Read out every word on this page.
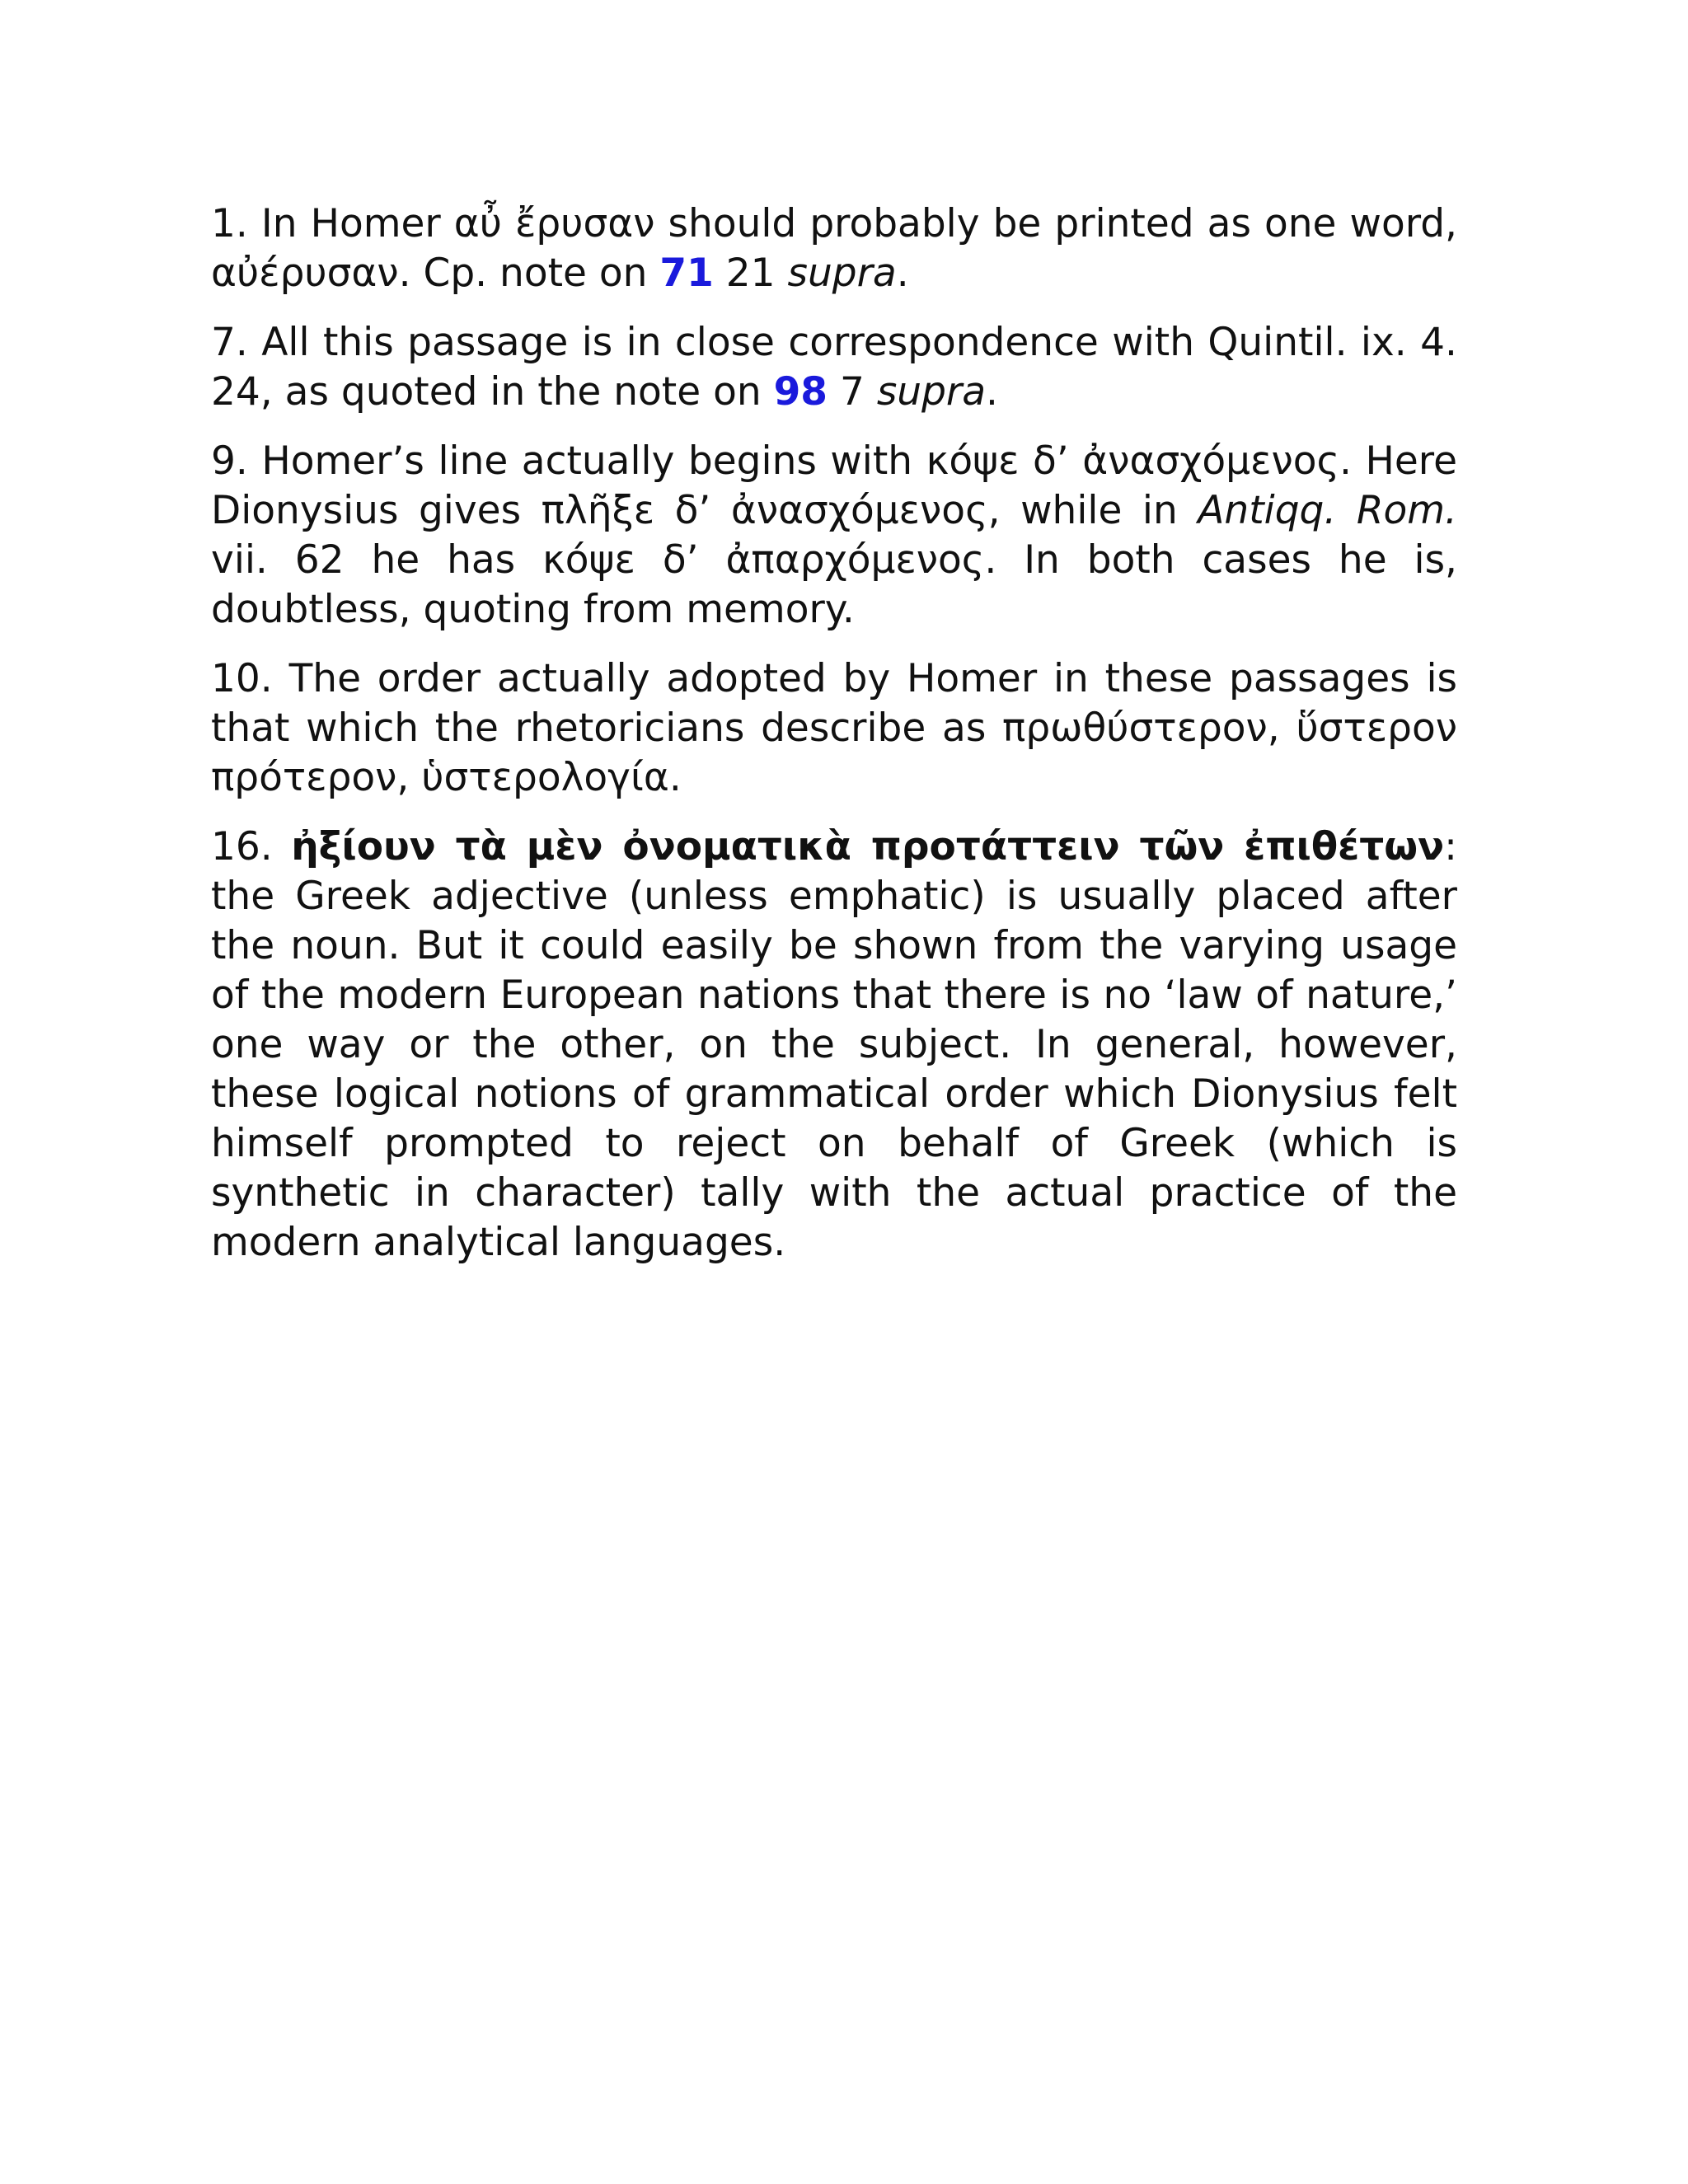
1. In Homer αὖ ἔρυσαν should probably be printed as one word, αὐέρυσαν. Cp. note on 71 21 supra.

7. All this passage is in close correspondence with Quintil. ix. 4. 24, as quoted in the note on 98 7 supra.

9. Homer’s line actually begins with κόψε δ’ ἀνασχόμενος. Here Dionysius gives πλῆξε δ’ ἀνασχόμενος, while in Antiqq. Rom. vii. 62 he has κόψε δ’ ἀπαρχόμενος. In both cases he is, doubtless, quoting from memory.

10. The order actually adopted by Homer in these passages is that which the rhetoricians describe as πρωθύστερον, ὕστερον πρότερον, ὑστερολογία.

16. ἠξίουν τὰ μὲν ὀνοματικὰ προτάττειν τῶν ἐπιθέτων: the Greek adjective (unless emphatic) is usually placed after the noun. But it could easily be shown from the varying usage of the modern European nations that there is no ‘law of nature,’ one way or the other, on the subject. In general, however, these logical notions of grammatical order which Dionysius felt himself prompted to reject on behalf of Greek (which is synthetic in character) tally with the actual practice of the modern analytical languages.
